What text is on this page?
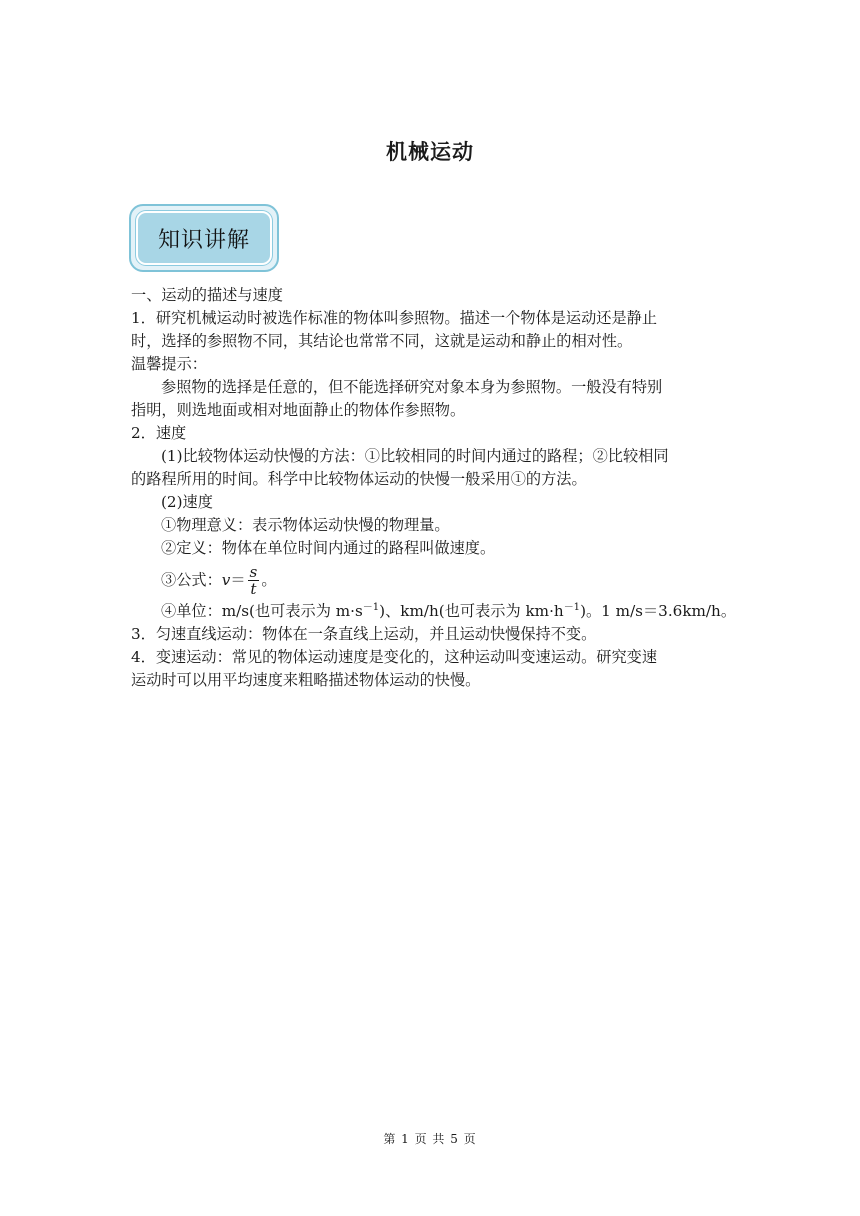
机械运动
知识讲解
一、运动的描述与速度
1．研究机械运动时被选作标准的物体叫参照物。描述一个物体是运动还是静止
时，选择的参照物不同，其结论也常常不同，这就是运动和静止的相对性。
温馨提示：
参照物的选择是任意的，但不能选择研究对象本身为参照物。一般没有特别
指明，则选地面或相对地面静止的物体作参照物。
2．速度
(1)比较物体运动快慢的方法：①比较相同的时间内通过的路程；②比较相同
的路程所用的时间。科学中比较物体运动的快慢一般采用①的方法。
(2)速度
①物理意义：表示物体运动快慢的物理量。
②定义：物体在单位时间内通过的路程叫做速度。
③公式： $v = \frac{s}{t}$ 。
④单位：m/s(也可表示为 $m\cdot s^{-1}$)、km/h(也可表示为 $km\cdot h^{-1}$)。1 m/s＝3.6km/h。
3．匀速直线运动：物体在一条直线上运动，并且运动快慢保持不变。
4．变速运动：常见的物体运动速度是变化的，这种运动叫变速运动。研究变速
运动时可以用平均速度来粗略描述物体运动的快慢。
第 1 页 共 5 页
